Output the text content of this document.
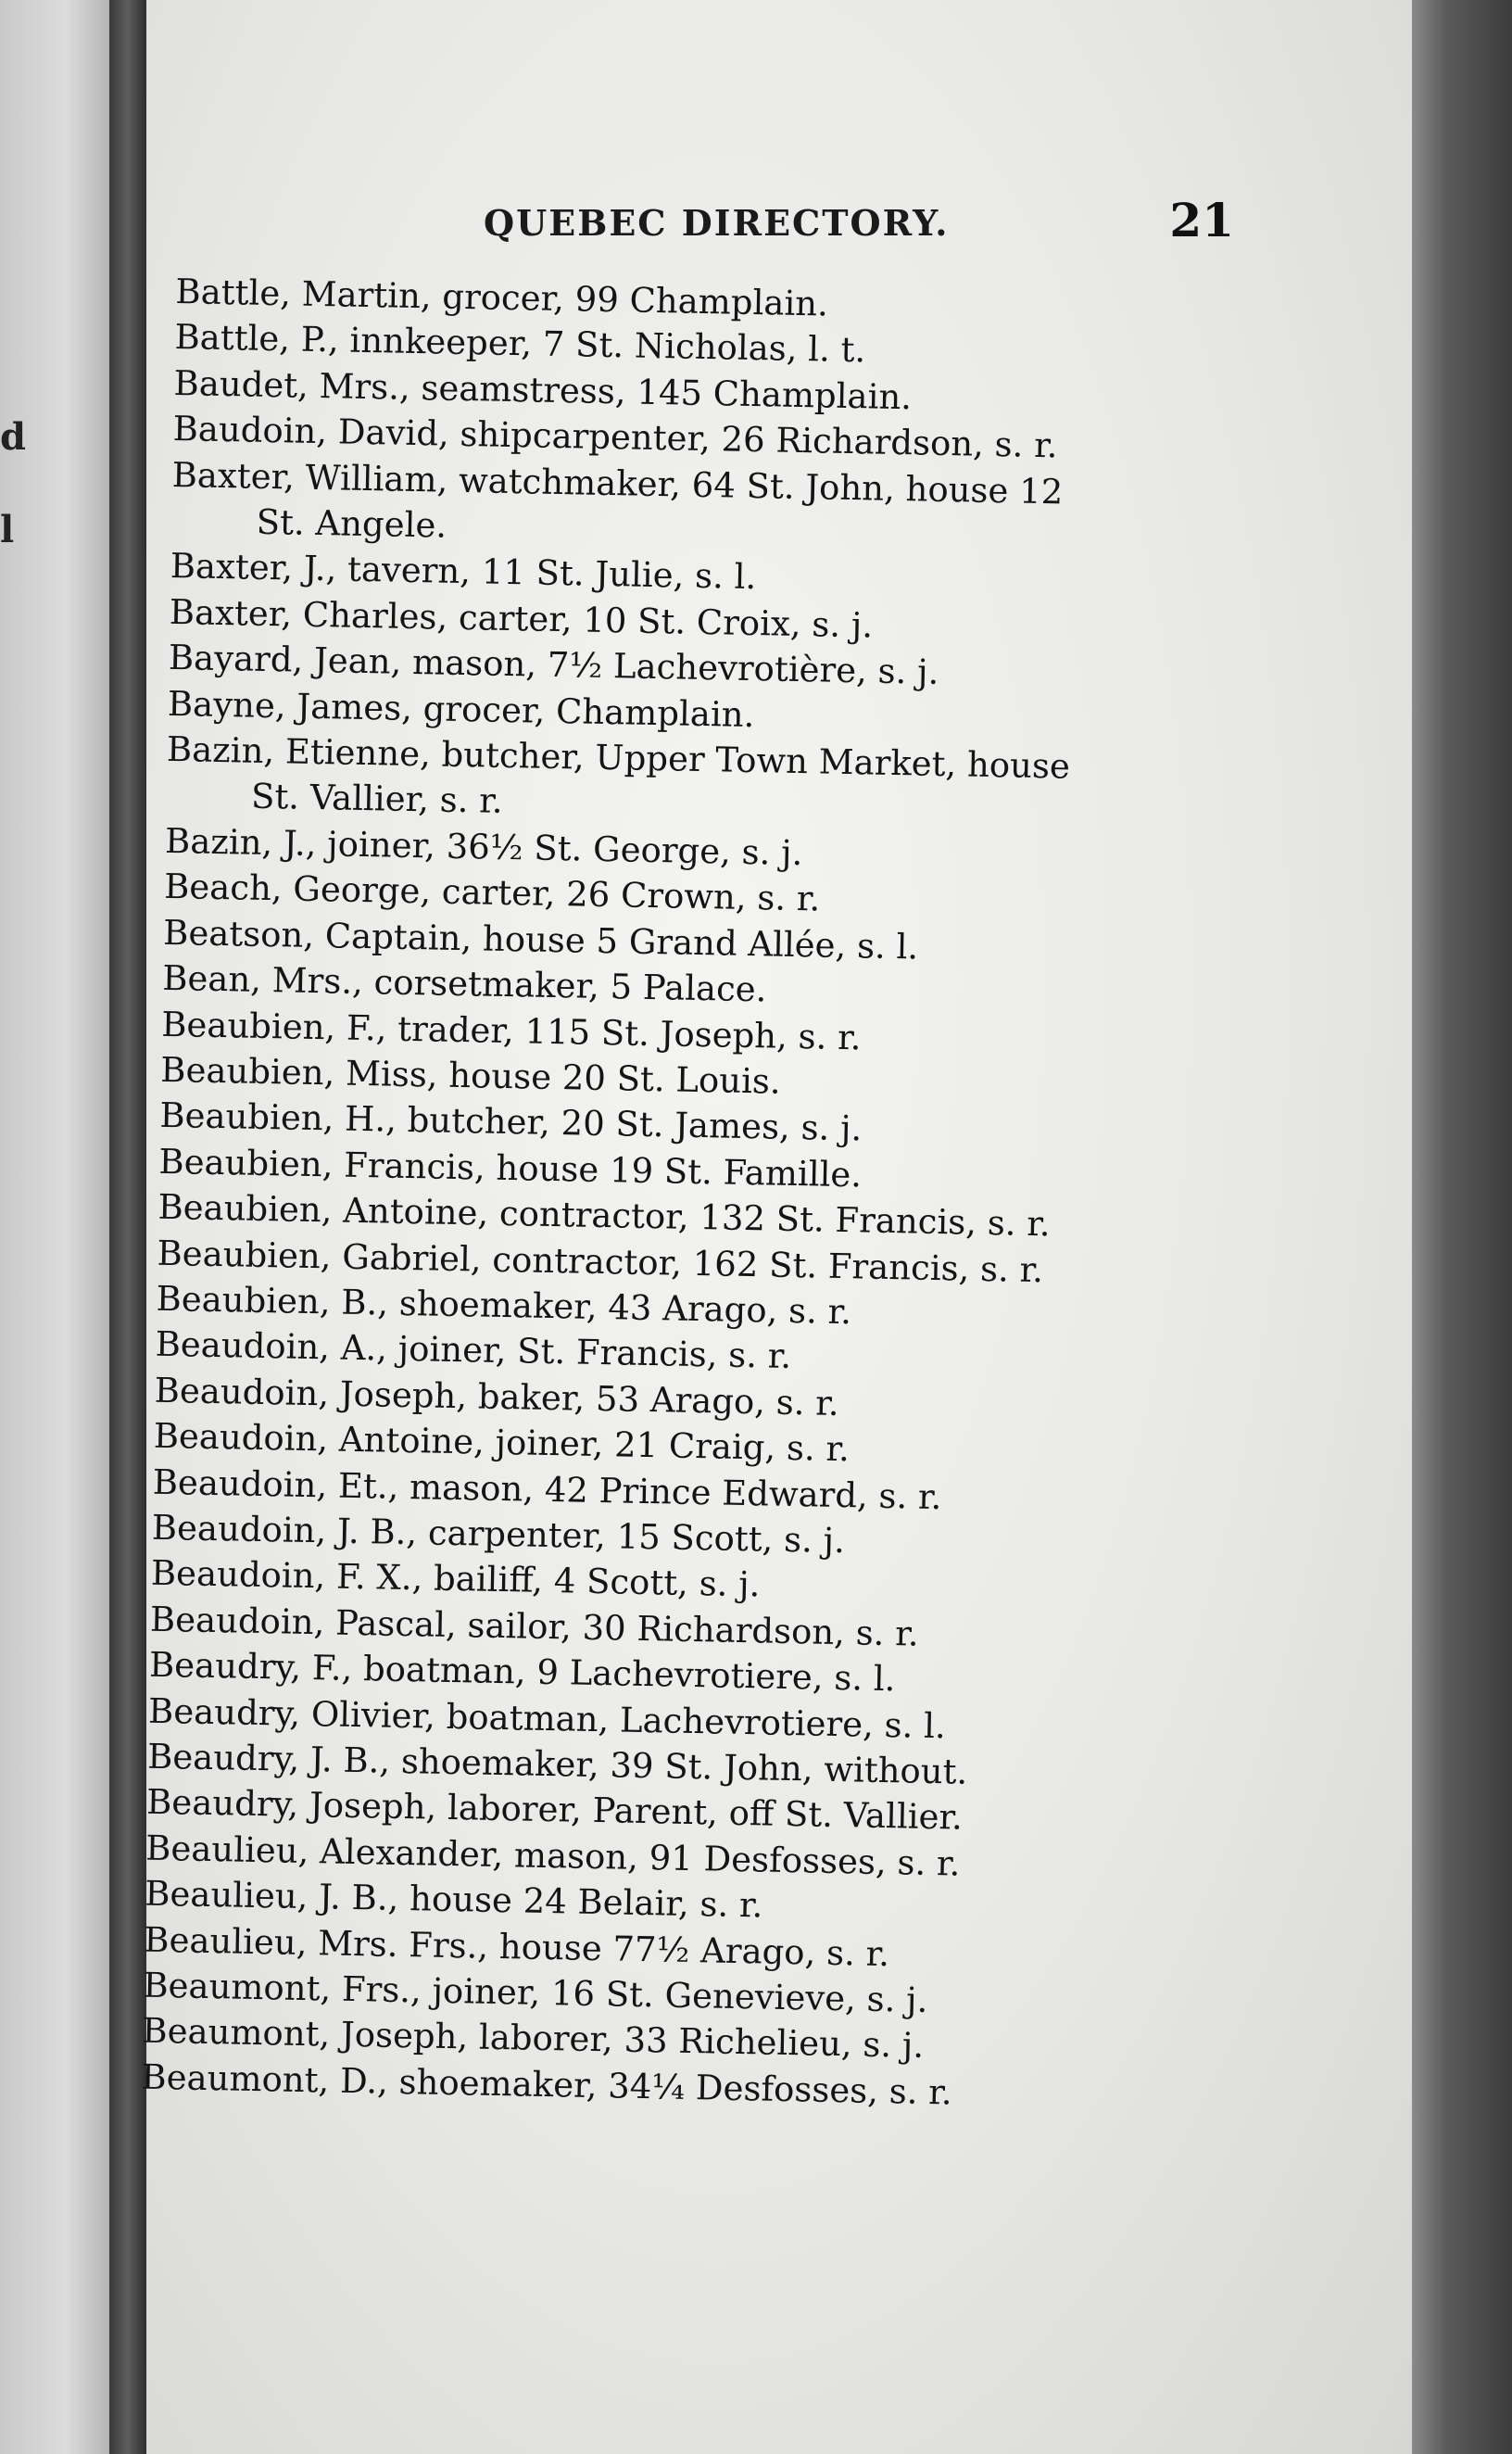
d
l
QUEBEC DIRECTORY.	21
Battle, Martin, grocer, 99 Champlain.
Battle, P., innkeeper, 7 St. Nicholas, l. t.
Baudet, Mrs., seamstress, 145 Champlain.
Baudoin, David, shipcarpenter, 26 Richardson, s. r.
Baxter, William, watchmaker, 64 St. John, house 12
St. Angele.
Baxter, J., tavern, 11 St. Julie, s. l.
Baxter, Charles, carter, 10 St. Croix, s. j.
Bayard, Jean, mason, 7½ Lachevrotière, s. j.
Bayne, James, grocer, Champlain.
Bazin, Etienne, butcher, Upper Town Market, house
St. Vallier, s. r.
Bazin, J., joiner, 36½ St. George, s. j.
Beach, George, carter, 26 Crown, s. r.
Beatson, Captain, house 5 Grand Allée, s. l.
Bean, Mrs., corsetmaker, 5 Palace.
Beaubien, F., trader, 115 St. Joseph, s. r.
Beaubien, Miss, house 20 St. Louis.
Beaubien, H., butcher, 20 St. James, s. j.
Beaubien, Francis, house 19 St. Famille.
Beaubien, Antoine, contractor, 132 St. Francis, s. r.
Beaubien, Gabriel, contractor, 162 St. Francis, s. r.
Beaubien, B., shoemaker, 43 Arago, s. r.
Beaudoin, A., joiner, St. Francis, s. r.
Beaudoin, Joseph, baker, 53 Arago, s. r.
Beaudoin, Antoine, joiner, 21 Craig, s. r.
Beaudoin, Et., mason, 42 Prince Edward, s. r.
Beaudoin, J. B., carpenter, 15 Scott, s. j.
Beaudoin, F. X., bailiff, 4 Scott, s. j.
Beaudoin, Pascal, sailor, 30 Richardson, s. r.
Beaudry, F., boatman, 9 Lachevrotiere, s. l.
Beaudry, Olivier, boatman, Lachevrotiere, s. l.
Beaudry, J. B., shoemaker, 39 St. John, without.
Beaudry, Joseph, laborer, Parent, off St. Vallier.
Beaulieu, Alexander, mason, 91 Desfosses, s. r.
Beaulieu, J. B., house 24 Belair, s. r.
Beaulieu, Mrs. Frs., house 77½ Arago, s. r.
Beaumont, Frs., joiner, 16 St. Genevieve, s. j.
Beaumont, Joseph, laborer, 33 Richelieu, s. j.
Beaumont, D., shoemaker, 34¼ Desfosses, s. r.
